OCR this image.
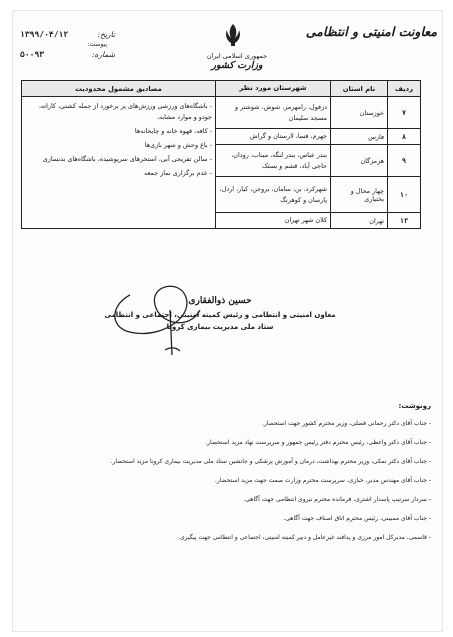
معاونت امنیتی و انتظامی
جمهوری اسلامی ایران
وزارت کشور
تاریخ:
۱۳۹۹/۰۴/۱۲
پیوست:
شماره:
۵۰۰۹۳
ردیف	نام استان	شهرستان مورد نظر	مصادیق مشمول محدودیت
۷	خوزستان	دزفول، رامهرمز، شوش، شوشتر و مسجد سلیمان	- باشگاه‌های ورزشی ورزش‌های پر برخورد از جمله کشتی، کاراته، جودو و موارد مشابه.
- کافه، قهوه خانه و چایخانه‌ها
- باغ وحش و شهر بازی‌ها
- سالن تفریحی آبی، استخرهای سرپوشیده، باشگاه‌های بدنسازی
- عدم برگزاری نماز جمعه

۸	فارس	جهرم، فسا، لارستان و گراش	
۹	هرمزگان	بندر عباس، بندر لنگه، میناب، رودان، حاجی آباد، قشم و بستک	
۱۰	چهار محال و بختیاری	شهرکرد، بن، سامان، بروجن، کیار، اردل، پارسان و کوهرنگ	
۱۲	تهران	کلان شهر تهران	
حسین ذوالفقاری
معاون امنیتی و انتظامی و رئیس کمیته امنیتی، اجتماعی و انتظامی
ستاد ملی مدیریت بیماری کرونا
رونوشت:
- جناب آقای دکتر رحمانی فضلی، وزیر محترم کشور جهت استحضار.
- جناب آقای دکتر واعظی، رئیس محترم دفتر رئیس جمهور و سرپرست نهاد مزید استحضار.
- جناب آقای دکتر نمکی، وزیر محترم بهداشت، درمان و آموزش پزشکی و جانشین ستاد ملی مدیریت بیماری کرونا مزید استحضار.
- جناب آقای مهندس مدیر، خبازی، سرپرست محترم وزارت صمت جهت مزید استحضار.
- سردار سرتیپ پاسدار اشتری، فرمانده محترم نیروی انتظامی جهت آگاهی.
- جناب آقای ممبینی، رئیس محترم اتاق اصناف جهت آگاهی.
- قاسمی، مدیرکل امور مرزی و پدافند غیرعامل و دبیر کمیته امنیتی، اجتماعی و انتظامی جهت پیگیری.
